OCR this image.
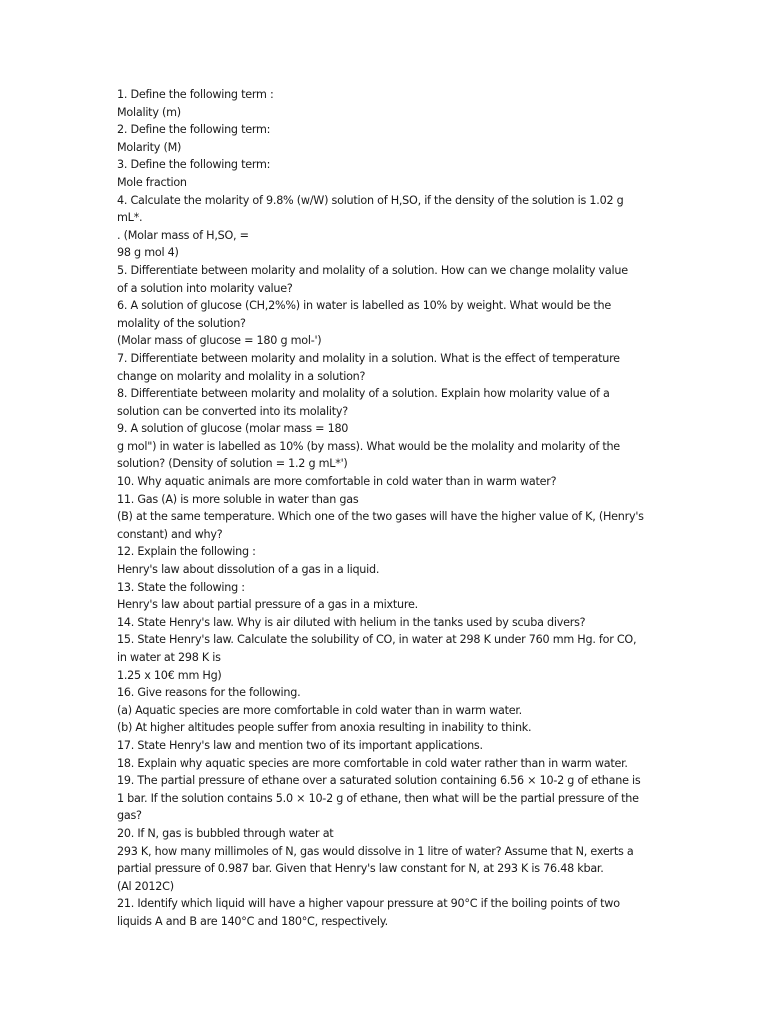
1. Define the following term :
Molality (m)
2. Define the following term:
Molarity (M)
3. Define the following term:
Mole fraction
4. Calculate the molarity of 9.8% (w/W) solution of H,SO, if the density of the solution is 1.02 g
mL*.
. (Molar mass of H,SO, =
98 g mol 4)
5. Differentiate between molarity and molality of a solution. How can we change molality value
of a solution into molarity value?
6. A solution of glucose (CH,2%%) in water is labelled as 10% by weight. What would be the
molality of the solution?
(Molar mass of glucose = 180 g mol-')
7. Differentiate between molarity and molality in a solution. What is the effect of temperature
change on molarity and molality in a solution?
8. Differentiate between molarity and molality of a solution. Explain how molarity value of a
solution can be converted into its molality?
9. A solution of glucose (molar mass = 180
g mol") in water is labelled as 10% (by mass). What would be the molality and molarity of the
solution? (Density of solution = 1.2 g mL*')
10. Why aquatic animals are more comfortable in cold water than in warm water?
11. Gas (A) is more soluble in water than gas
(B) at the same temperature. Which one of the two gases will have the higher value of K, (Henry's
constant) and why?
12. Explain the following :
Henry's law about dissolution of a gas in a liquid.
13. State the following :
Henry's law about partial pressure of a gas in a mixture.
14. State Henry's law. Why is air diluted with helium in the tanks used by scuba divers?
15. State Henry's law. Calculate the solubility of CO, in water at 298 K under 760 mm Hg. for CO,
in water at 298 K is
1.25 x 10€ mm Hg)
16. Give reasons for the following.
(a) Aquatic species are more comfortable in cold water than in warm water.
(b) At higher altitudes people suffer from anoxia resulting in inability to think.
17. State Henry's law and mention two of its important applications.
18. Explain why aquatic species are more comfortable in cold water rather than in warm water.
19. The partial pressure of ethane over a saturated solution containing 6.56 × 10-2 g of ethane is
1 bar. If the solution contains 5.0 × 10-2 g of ethane, then what will be the partial pressure of the
gas?
20. If N, gas is bubbled through water at
293 K, how many millimoles of N, gas would dissolve in 1 litre of water? Assume that N, exerts a
partial pressure of 0.987 bar. Given that Henry's law constant for N, at 293 K is 76.48 kbar.
(Al 2012C)
21. Identify which liquid will have a higher vapour pressure at 90°C if the boiling points of two
liquids A and B are 140°C and 180°C, respectively.
